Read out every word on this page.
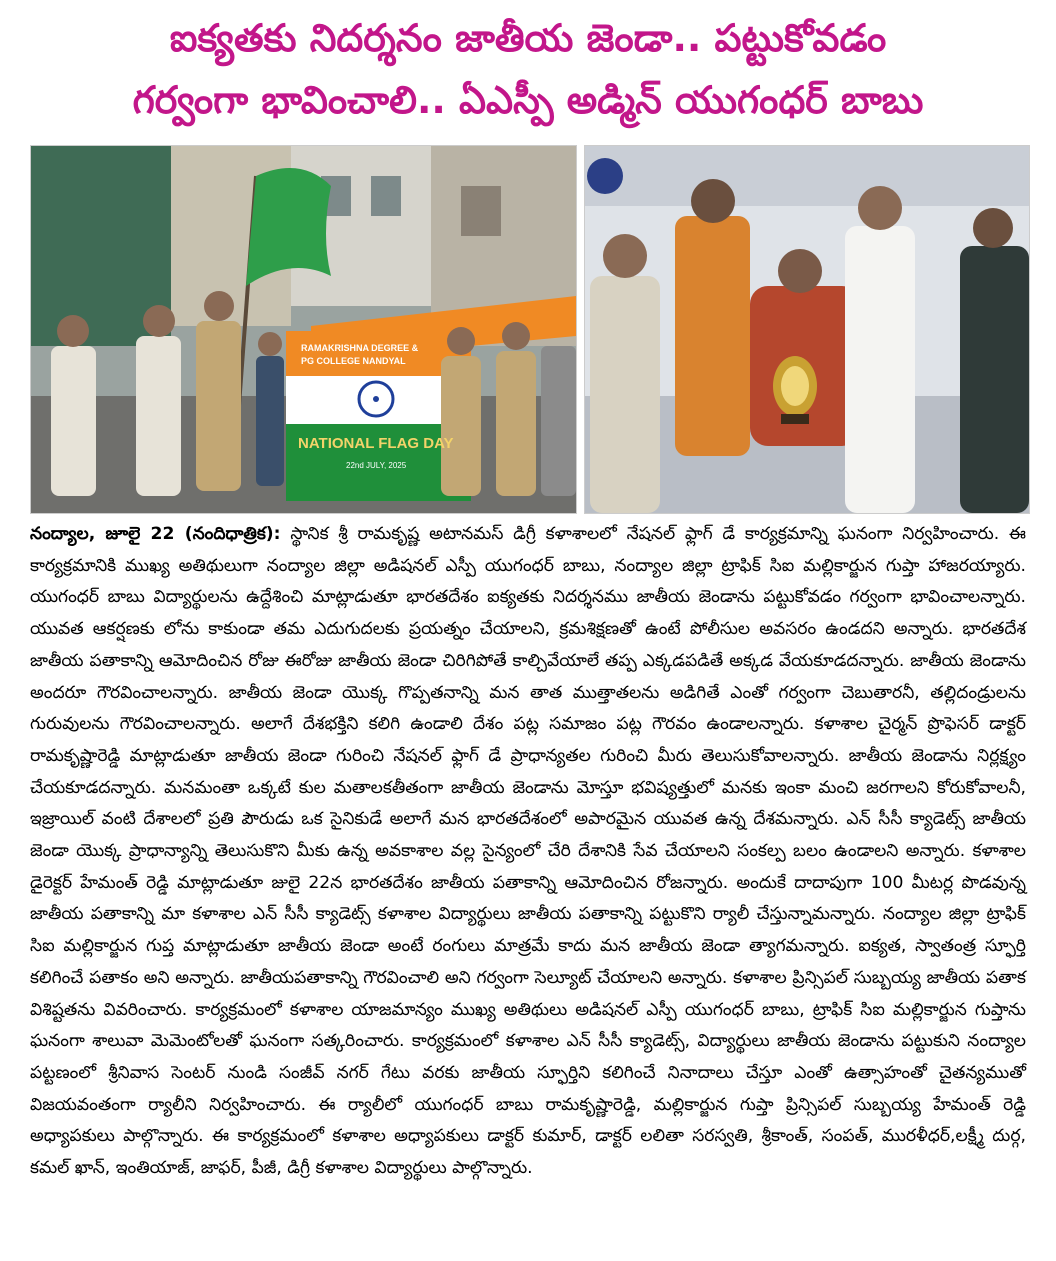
ఐక్యతకు నిదర్శనం జాతీయ జెండా.. పట్టుకోవడం
గర్వంగా భావించాలి.. ఏఎస్పీ అడ్మిన్ యుగంధర్ బాబు
RAMAKRISHNA DEGREE &
PG COLLEGE NANDYAL
NATIONAL FLAG DAY
22nd JULY, 2025

నంద్యాల, జూలై 22 (నందిధాత్రిక): స్థానిక శ్రీ రామకృష్ణ అటానమస్ డిగ్రీ కళాశాలలో నేషనల్ ఫ్లాగ్ డే కార్యక్రమాన్ని ఘనంగా నిర్వహించారు. ఈ కార్యక్రమానికి ముఖ్య అతిథులుగా నంద్యాల జిల్లా అడిషనల్ ఎస్పీ యుగంధర్ బాబు, నంద్యాల జిల్లా ట్రాఫిక్ సిఐ మల్లికార్జున గుప్తా హాజరయ్యారు. యుగంధర్ బాబు విద్యార్థులను ఉద్దేశించి మాట్లాడుతూ భారతదేశం ఐక్యతకు నిదర్శనము జాతీయ జెండాను పట్టుకోవడం గర్వంగా భావించాలన్నారు. యువత ఆకర్షణకు లోను కాకుండా తమ ఎదుగుదలకు ప్రయత్నం చేయాలని, క్రమశిక్షణతో ఉంటే పోలీసుల అవసరం ఉండదని అన్నారు. భారతదేశ జాతీయ పతాకాన్ని ఆమోదించిన రోజు ఈరోజు జాతీయ జెండా చిరిగిపోతే కాల్చివేయాలే తప్ప ఎక్కడపడితే అక్కడ వేయకూడదన్నారు. జాతీయ జెండాను అందరూ గౌరవించాలన్నారు. జాతీయ జెండా యొక్క గొప్పతనాన్ని మన తాత ముత్తాతలను అడిగితే ఎంతో గర్వంగా చెబుతారనీ, తల్లిదండ్రులను గురువులను గౌరవించాలన్నారు. అలాగే దేశభక్తిని కలిగి ఉండాలి దేశం పట్ల సమాజం పట్ల గౌరవం ఉండాలన్నారు. కళాశాల చైర్మన్ ప్రొఫెసర్ డాక్టర్ రామకృష్ణారెడ్డి మాట్లాడుతూ జాతీయ జెండా గురించి నేషనల్ ఫ్లాగ్ డే ప్రాధాన్యతల గురించి మీరు తెలుసుకోవాలన్నారు. జాతీయ జెండాను నిర్లక్ష్యం చేయకూడదన్నారు. మనమంతా ఒక్కటే కుల మతాలకతీతంగా జాతీయ జెండాను మోస్తూ భవిష్యత్తులో మనకు ఇంకా మంచి జరగాలని కోరుకోవాలనీ, ఇజ్రాయిల్ వంటి దేశాలలో ప్రతి పౌరుడు ఒక సైనికుడే అలాగే మన భారతదేశంలో అపారమైన యువత ఉన్న దేశమన్నారు. ఎన్ సీసీ క్యాడెట్స్ జాతీయ జెండా యొక్క ప్రాధాన్యాన్ని తెలుసుకొని మీకు ఉన్న అవకాశాల వల్ల సైన్యంలో చేరి దేశానికి సేవ చేయాలని సంకల్ప బలం ఉండాలని అన్నారు. కళాశాల డైరెక్టర్ హేమంత్ రెడ్డి మాట్లాడుతూ జులై 22న భారతదేశం జాతీయ పతాకాన్ని ఆమోదించిన రోజన్నారు. అందుకే దాదాపుగా 100 మీటర్ల పొడవున్న జాతీయ పతాకాన్ని మా కళాశాల ఎన్ సీసీ క్యాడెట్స్ కళాశాల విద్యార్థులు జాతీయ పతాకాన్ని పట్టుకొని ర్యాలీ చేస్తున్నామన్నారు. నంద్యాల జిల్లా ట్రాఫిక్ సిఐ మల్లికార్జున గుప్త మాట్లాడుతూ జాతీయ జెండా అంటే రంగులు మాత్రమే కాదు మన జాతీయ జెండా త్యాగమన్నారు. ఐక్యత, స్వాతంత్ర స్ఫూర్తి కలిగించే పతాకం అని అన్నారు. జాతీయపతాకాన్ని గౌరవించాలి అని గర్వంగా సెల్యూట్ చేయాలని అన్నారు. కళాశాల ప్రిన్సిపల్ సుబ్బయ్య జాతీయ పతాక విశిష్టతను వివరించారు. కార్యక్రమంలో కళాశాల యాజమాన్యం ముఖ్య అతిథులు అడిషనల్ ఎస్పీ యుగంధర్ బాబు, ట్రాఫిక్ సిఐ మల్లికార్జున గుప్తాను ఘనంగా శాలువా మెమెంటోలతో ఘనంగా సత్కరించారు. కార్యక్రమంలో కళాశాల ఎన్ సీసీ క్యాడెట్స్, విద్యార్థులు జాతీయ జెండాను పట్టుకుని నంద్యాల పట్టణంలో శ్రీనివాస సెంటర్ నుండి సంజీవ్ నగర్ గేటు వరకు జాతీయ స్ఫూర్తిని కలిగించే నినాదాలు చేస్తూ ఎంతో ఉత్సాహంతో చైతన్యముతో విజయవంతంగా ర్యాలీని నిర్వహించారు. ఈ ర్యాలీలో యుగంధర్ బాబు రామకృష్ణారెడ్డి, మల్లికార్జున గుప్తా ప్రిన్సిపల్ సుబ్బయ్య హేమంత్ రెడ్డి అధ్యాపకులు పాల్గొన్నారు. ఈ కార్యక్రమంలో కళాశాల అధ్యాపకులు డాక్టర్ కుమార్, డాక్టర్ లలితా సరస్వతి, శ్రీకాంత్, సంపత్, మురళీధర్,లక్ష్మీ దుర్గ, కమల్ ఖాన్, ఇంతియాజ్, జాఫర్, పీజీ, డిగ్రీ కళాశాల విద్యార్థులు పాల్గొన్నారు.
